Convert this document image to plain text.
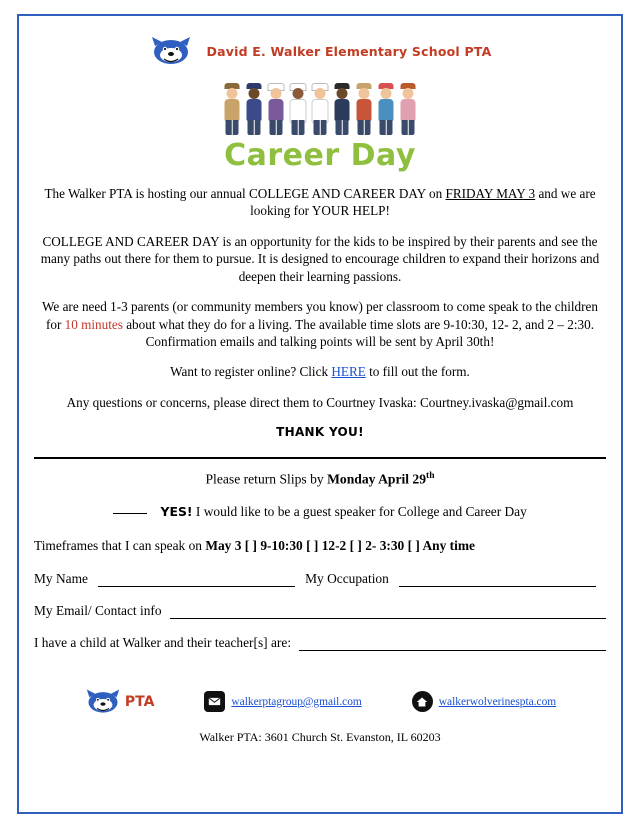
David E. Walker Elementary School PTA
Career Day

The Walker PTA is hosting our annual COLLEGE AND CAREER DAY on FRIDAY MAY 3 and we are looking for YOUR HELP!

COLLEGE AND CAREER DAY is an opportunity for the kids to be inspired by their parents and see the many paths out there for them to pursue. It is designed to encourage children to expand their horizons and deepen their learning passions.

We are need 1-3 parents (or community members you know) per classroom to come speak to the children for 10 minutes about what they do for a living. The available time slots are 9-10:30, 12- 2, and 2 – 2:30. Confirmation emails and talking points will be sent by April 30th!

Want to register online? Click HERE to fill out the form.

Any questions or concerns, please direct them to Courtney Ivaska: Courtney.ivaska@gmail.com

THANK YOU!
Please return Slips by Monday April 29th
YES! I would like to be a guest speaker for College and Career Day
Timeframes that I can speak on May 3 [ ] 9-10:30 [ ] 12-2 [ ] 2- 3:30 [ ] Any time
My Name	My Occupation
My Email/ Contact info
I have a child at Walker and their teacher[s] are:
PTA	walkerptagroup@gmail.com	walkerwolverinespta.com
Walker PTA: 3601 Church St. Evanston, IL 60203
